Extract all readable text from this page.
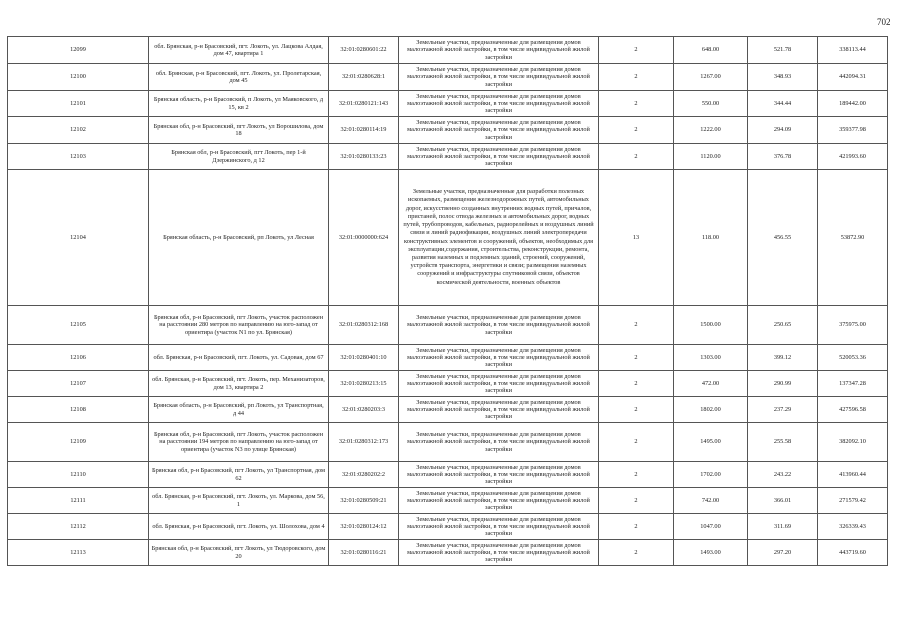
702
12099	обл. Брянская, р-н Брасовский, пгт. Локоть, ул. Лацкова Алдая, дом 47, квартира 1	32:01:0280601:22	Земельные участки, предназначенные для размещения домов малоэтажной жилой застройки, в том числе индивидуальной жилой застройки	2	648.00	521.78	338113.44
12100	обл. Брянская, р-н Брасовский, пгт. Локоть, ул. Пролетарская, дом 45	32:01:0280628:1	Земельные участки, предназначенные для размещения домов малоэтажной жилой застройки, в том числе индивидуальной жилой застройки	2	1267.00	348.93	442094.31
12101	Брянская область, р-н Брасовский, п Локоть, ул Маяковского, д 15, кв 2	32:01:0280121:143	Земельные участки, предназначенные для размещения домов малоэтажной жилой застройки, в том числе индивидуальной жилой застройки	2	550.00	344.44	189442.00
12102	Брянская обл, р-н Брасовский, пгт Локоть, ул Ворошилова, дом 18	32:01:0280114:19	Земельные участки, предназначенные для размещения домов малоэтажной жилой застройки, в том числе индивидуальной жилой застройки	2	1222.00	294.09	359377.98
12103	Брянская обл, р-н Брасовский, пгт Локоть, пер 1-й Дзержинского, д 12	32:01:0280133:23	Земельные участки, предназначенные для размещения домов малоэтажной жилой застройки, в том числе индивидуальной жилой застройки	2	1120.00	376.78	421993.60
12104	Брянская область, р-н Брасовский, рп Локоть, ул Лесная	32:01:0000000:624	Земельные участки, предназначенные для разработки полезных ископаемых, размещения железнодорожных путей, автомобильных дорог, искусственно созданных внутренних водных путей, причалов, пристаней, полос отвода железных и автомобильных дорог, водных путей, трубопроводов, кабельных, радиорелейных и воздушных линий связи и линий радиофикации, воздушных линий электропередачи конструктивных элементов и сооружений, объектов, необходимых для эксплуатации,содержания, строительства, реконструкции, ремонта, развития наземных и подземных зданий, строений, сооружений, устройств транспорта, энергетики и связи; размещения наземных сооружений и инфраструктуры спутниковой связи, объектов космической деятельности, военных объектов	13	118.00	456.55	53872.90
12105	Брянская обл, р-н Брасовский, пгт Локоть, участок расположен на расстоянии 280 метров по направлению на юго-запад от ориентира (участок N1 по ул. Брянская)	32:01:0280312:168	Земельные участки, предназначенные для размещения домов малоэтажной жилой застройки, в том числе индивидуальной жилой застройки	2	1500.00	250.65	375975.00
12106	обл. Брянская, р-н Брасовский, пгт. Локоть, ул. Садовая, дом 67	32:01:0280401:10	Земельные участки, предназначенные для размещения домов малоэтажной жилой застройки, в том числе индивидуальной жилой застройки	2	1303.00	399.12	520053.36
12107	обл. Брянская, р-н Брасовский, пгт. Локоть, пер. Механизаторов, дом 13, квартира 2	32:01:0280213:15	Земельные участки, предназначенные для размещения домов малоэтажной жилой застройки, в том числе индивидуальной жилой застройки	2	472.00	290.99	137347.28
12108	Брянская область, р-н Брасовский, рп Локоть, ул Транспортная, д 44	32:01:0280203:3	Земельные участки, предназначенные для размещения домов малоэтажной жилой застройки, в том числе индивидуальной жилой застройки	2	1802.00	237.29	427596.58
12109	Брянская обл, р-н Брасовский, пгт Локоть, участок расположен на расстоянии 194 метров по направлению на юго-запад от ориентира (участок N3 по улице Брянская)	32:01:0280312:173	Земельные участки, предназначенные для размещения домов малоэтажной жилой застройки, в том числе индивидуальной жилой застройки	2	1495.00	255.58	382092.10
12110	Брянская обл, р-н Брасовский, пгт Локоть, ул Транспортная, дом 62	32:01:0280202:2	Земельные участки, предназначенные для размещения домов малоэтажной жилой застройки, в том числе индивидуальной жилой застройки	2	1702.00	243.22	413960.44
12111	обл. Брянская, р-н Брасовский, пгт. Локоть, ул. Маркова, дом 56, 1	32:01:0280509:21	Земельные участки, предназначенные для размещения домов малоэтажной жилой застройки, в том числе индивидуальной жилой застройки	2	742.00	366.01	271579.42
12112	обл. Брянская, р-н Брасовский, пгт. Локоть, ул. Шолохова, дом 4	32:01:0280124:12	Земельные участки, предназначенные для размещения домов малоэтажной жилой застройки, в том числе индивидуальной жилой застройки	2	1047.00	311.69	326339.43
12113	Брянская обл, р-н Брасовский, пгт Локоть, ул Тюдоровского, дом 20	32:01:0280116:21	Земельные участки, предназначенные для размещения домов малоэтажной жилой застройки, в том числе индивидуальной жилой застройки	2	1493.00	297.20	443719.60
